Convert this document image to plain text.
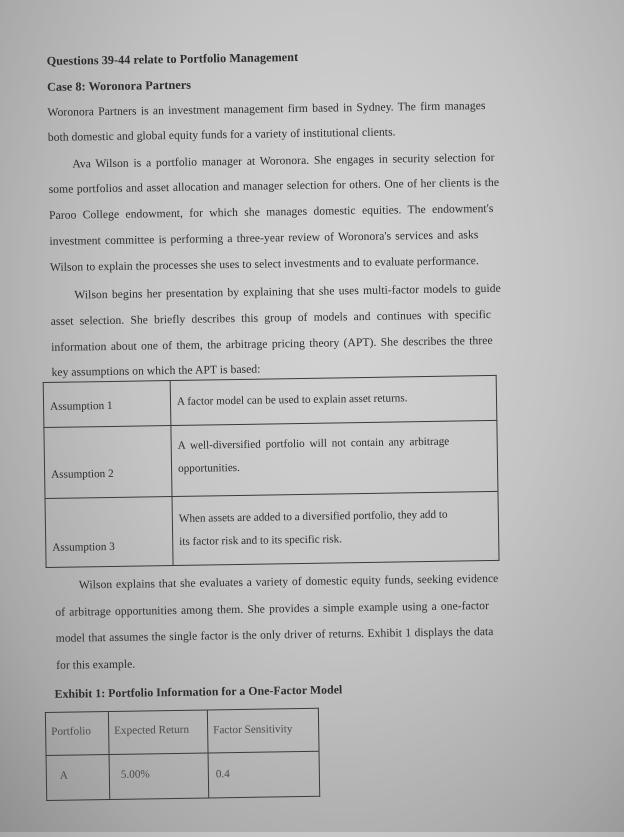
Questions 39-44 relate to Portfolio Management
Case 8: Woronora Partners
Woronora Partners is an investment management firm based in Sydney. The firm manages
both domestic and global equity funds for a variety of institutional clients.
Ava Wilson is a portfolio manager at Woronora. She engages in security selection for
some portfolios and asset allocation and manager selection for others. One of her clients is the
Paroo College endowment, for which she manages domestic equities. The endowment's
investment committee is performing a three-year review of Woronora's services and asks
Wilson to explain the processes she uses to select investments and to evaluate performance.
Wilson begins her presentation by explaining that she uses multi-factor models to guide
asset selection. She briefly describes this group of models and continues with specific
information about one of them, the arbitrage pricing theory (APT). She describes the three
key assumptions on which the APT is based:
Assumption 1	A factor model can be used to explain asset returns.

Assumption 2	A well-diversified portfolio will not contain any arbitrage
opportunities.

Assumption 3	When assets are added to a diversified portfolio, they add to
its factor risk and to its specific risk.
Wilson explains that she evaluates a variety of domestic equity funds, seeking evidence
of arbitrage opportunities among them. She provides a simple example using a one-factor
model that assumes the single factor is the only driver of returns. Exhibit 1 displays the data
for this example.
Exhibit 1: Portfolio Information for a One-Factor Model
Portfolio	Expected Return	Factor Sensitivity

A	5.00%	0.4
